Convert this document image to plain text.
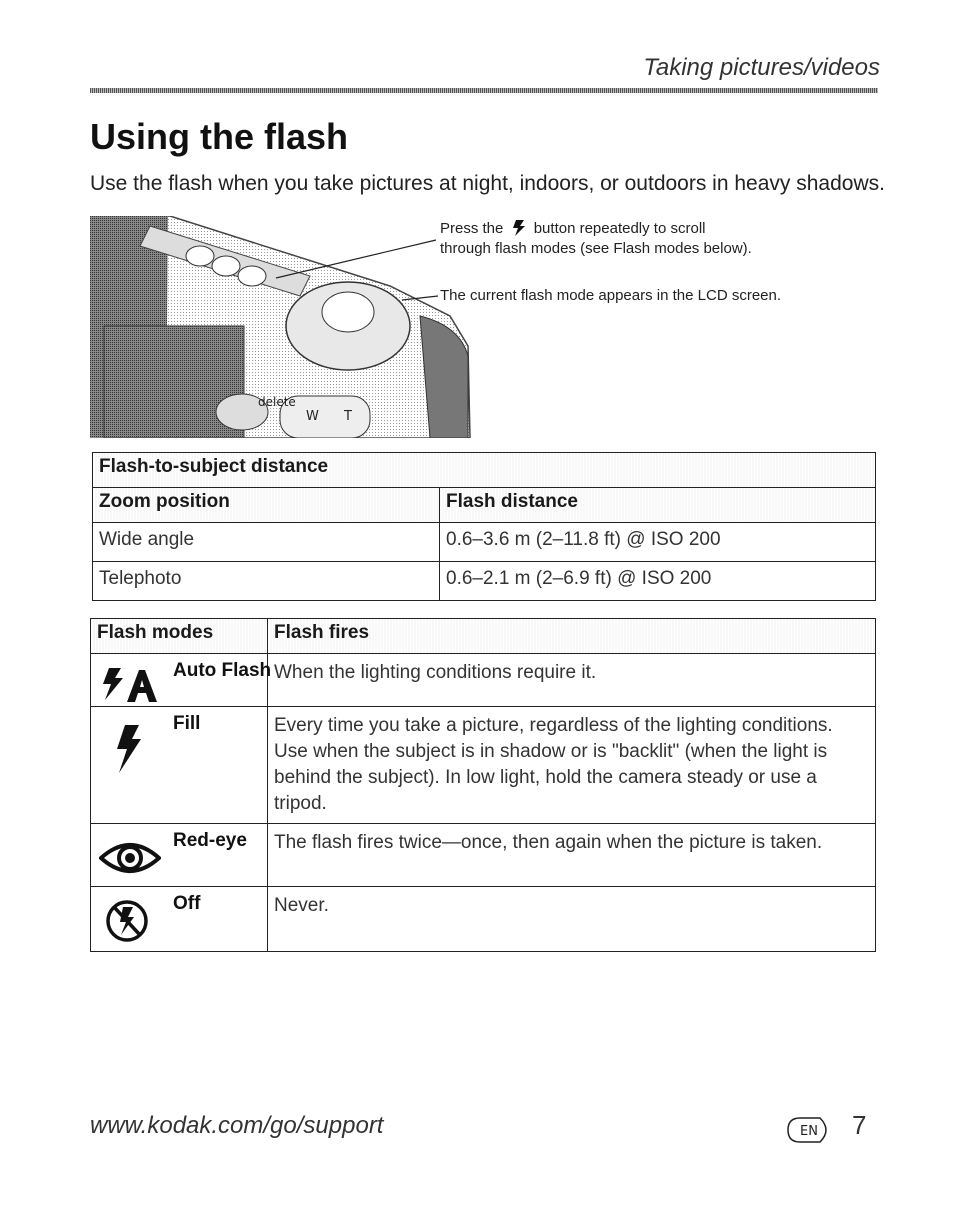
Taking pictures/videos
Using the flash

Use the flash when you take pictures at night, indoors, or outdoors in heavy shadows.

delete
W T
Press the button repeatedly to scroll
through flash modes (see Flash modes below).
The current flash mode appears in the LCD screen.
Flash-to-subject distance	
Zoom position	Flash distance
Wide angle	0.6–3.6 m (2–11.8 ft) @ ISO 200
Telephoto	0.6–2.1 m (2–6.9 ft) @ ISO 200
Flash modes	Flash fires

Auto Flash	When the lighting conditions require it.

Fill	Every time you take a picture, regardless of the lighting conditions. Use when the subject is in shadow or is "backlit" (when the light is behind the subject). In low light, hold the camera steady or use a tripod.

Red-eye	The flash fires twice—once, then again when the picture is taken.

Off	Never.
www.kodak.com/go/support	EN 7
